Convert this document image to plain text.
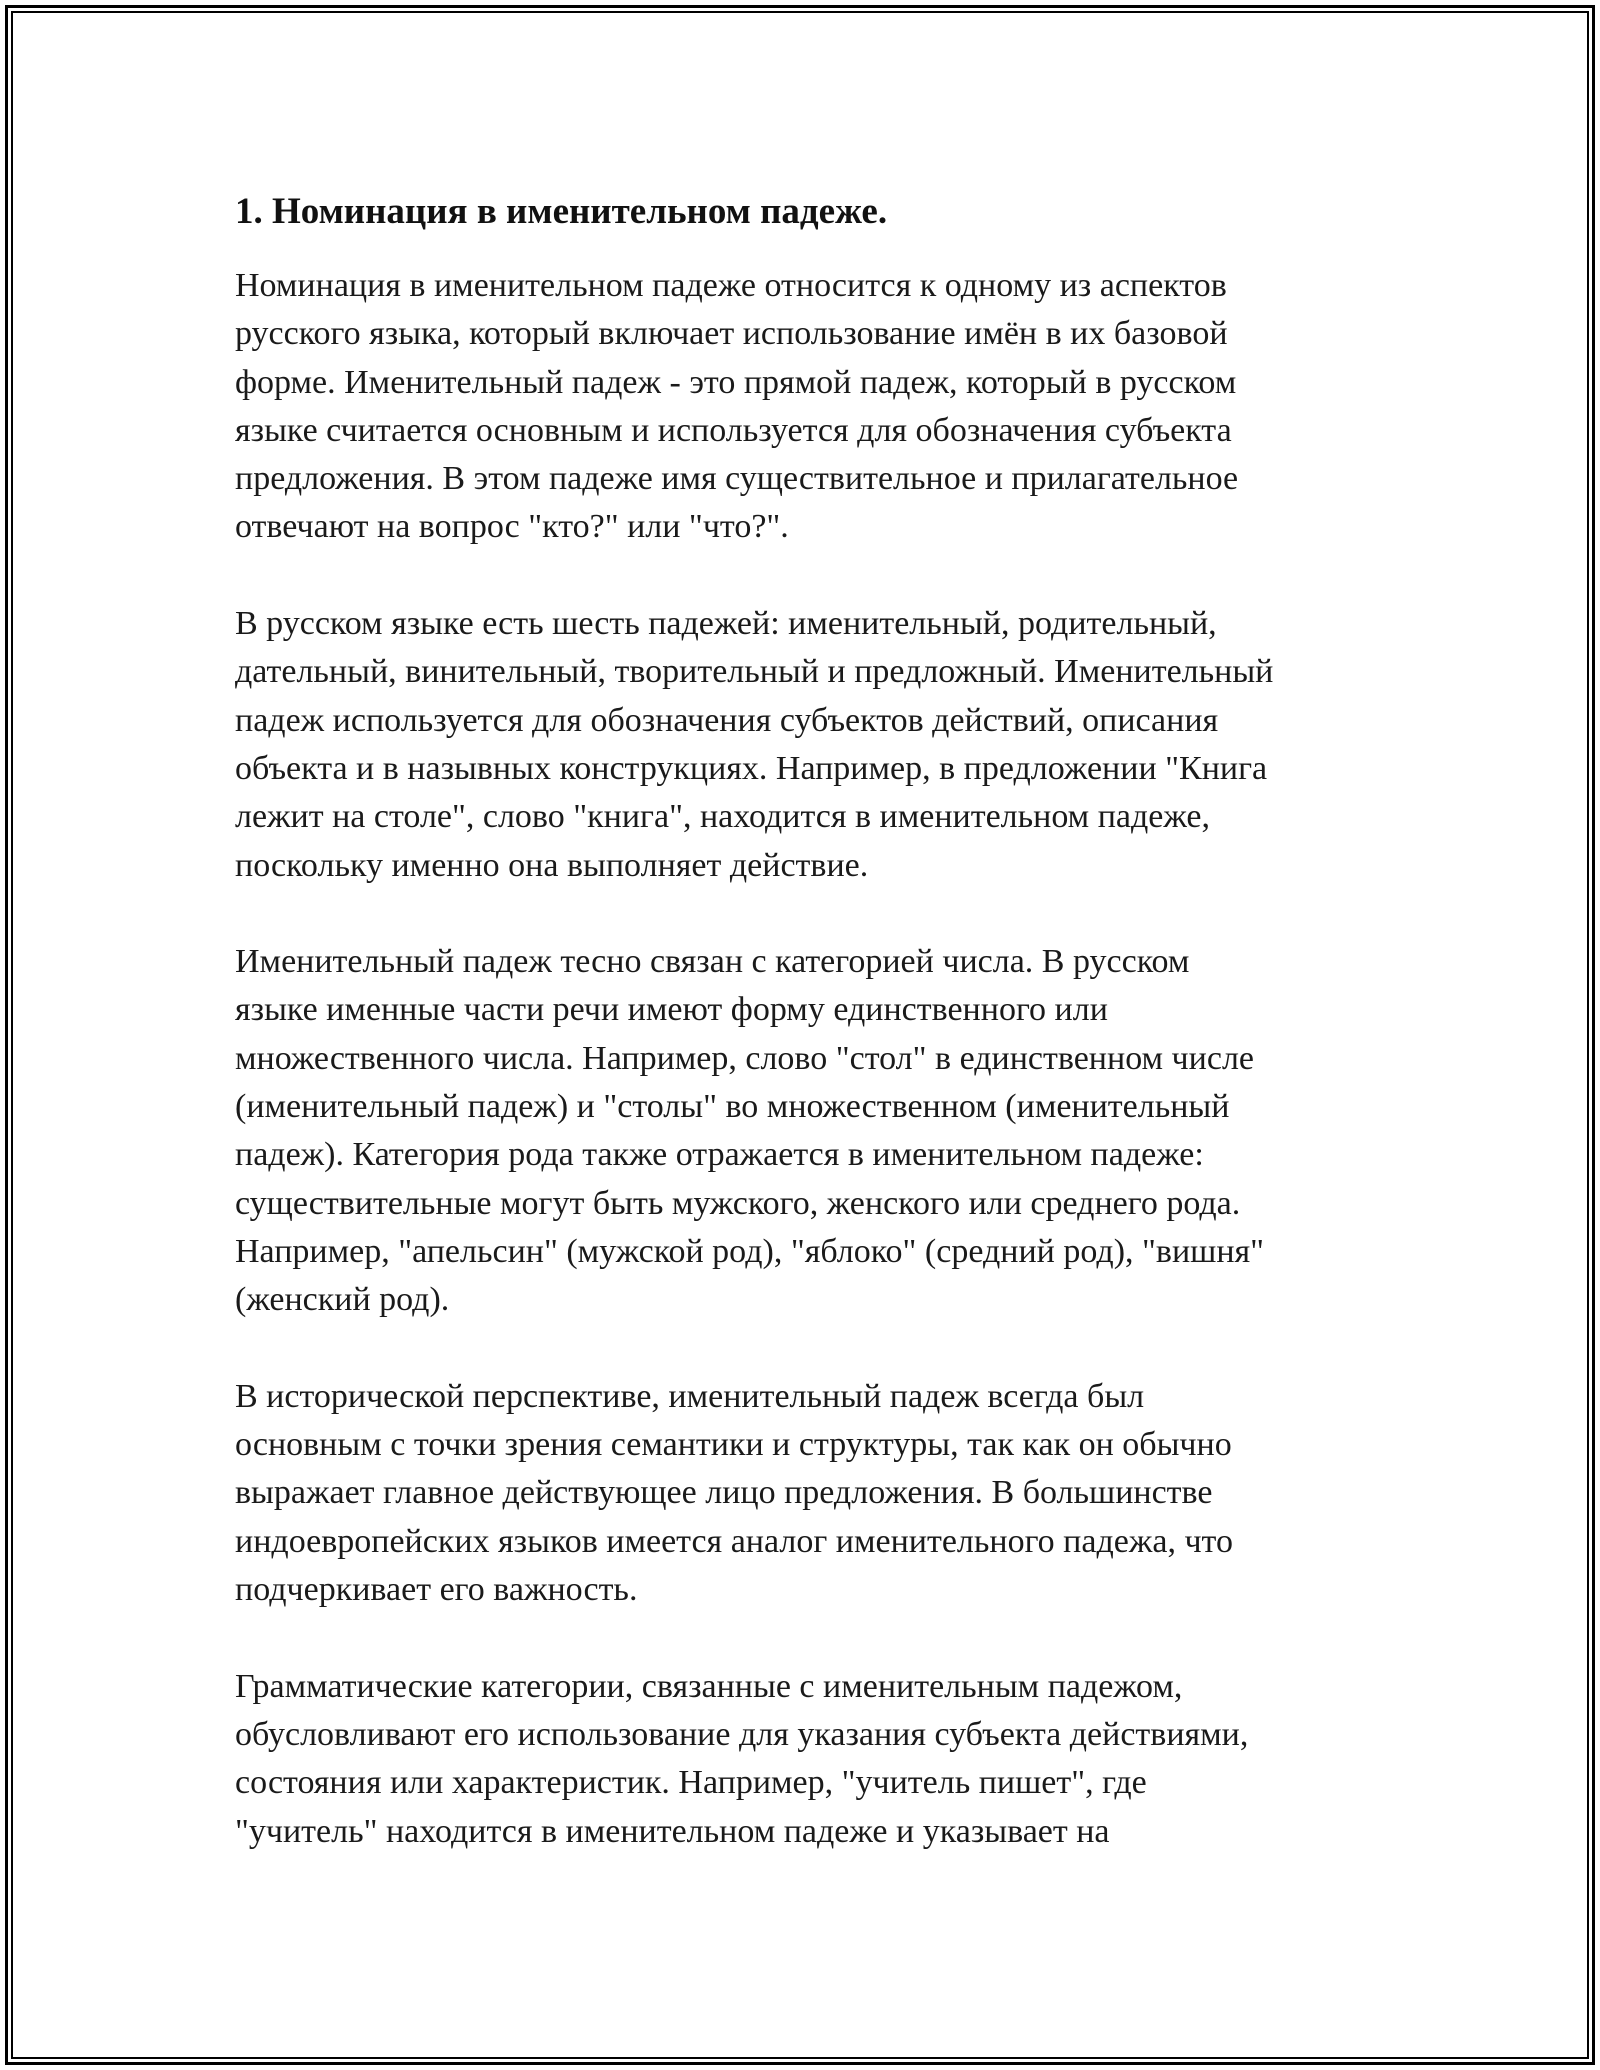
1. Номинация в именительном падеже.

Номинация в именительном падеже относится к одному из аспектов
русского языка, который включает использование имён в их базовой
форме. Именительный падеж - это прямой падеж, который в русском
языке считается основным и используется для обозначения субъекта
предложения. В этом падеже имя существительное и прилагательное
отвечают на вопрос "кто?" или "что?".

В русском языке есть шесть падежей: именительный, родительный,
дательный, винительный, творительный и предложный. Именительный
падеж используется для обозначения субъектов действий, описания
объекта и в назывных конструкциях. Например, в предложении "Книга
лежит на столе", слово "книга", находится в именительном падеже,
поскольку именно она выполняет действие.

Именительный падеж тесно связан с категорией числа. В русском
языке именные части речи имеют форму единственного или
множественного числа. Например, слово "стол" в единственном числе
(именительный падеж) и "столы" во множественном (именительный
падеж). Категория рода также отражается в именительном падеже:
существительные могут быть мужского, женского или среднего рода.
Например, "апельсин" (мужской род), "яблоко" (средний род), "вишня"
(женский род).

В исторической перспективе, именительный падеж всегда был
основным с точки зрения семантики и структуры, так как он обычно
выражает главное действующее лицо предложения. В большинстве
индоевропейских языков имеется аналог именительного падежа, что
подчеркивает его важность.

Грамматические категории, связанные с именительным падежом,
обусловливают его использование для указания субъекта действиями,
состояния или характеристик. Например, "учитель пишет", где
"учитель" находится в именительном падеже и указывает на
